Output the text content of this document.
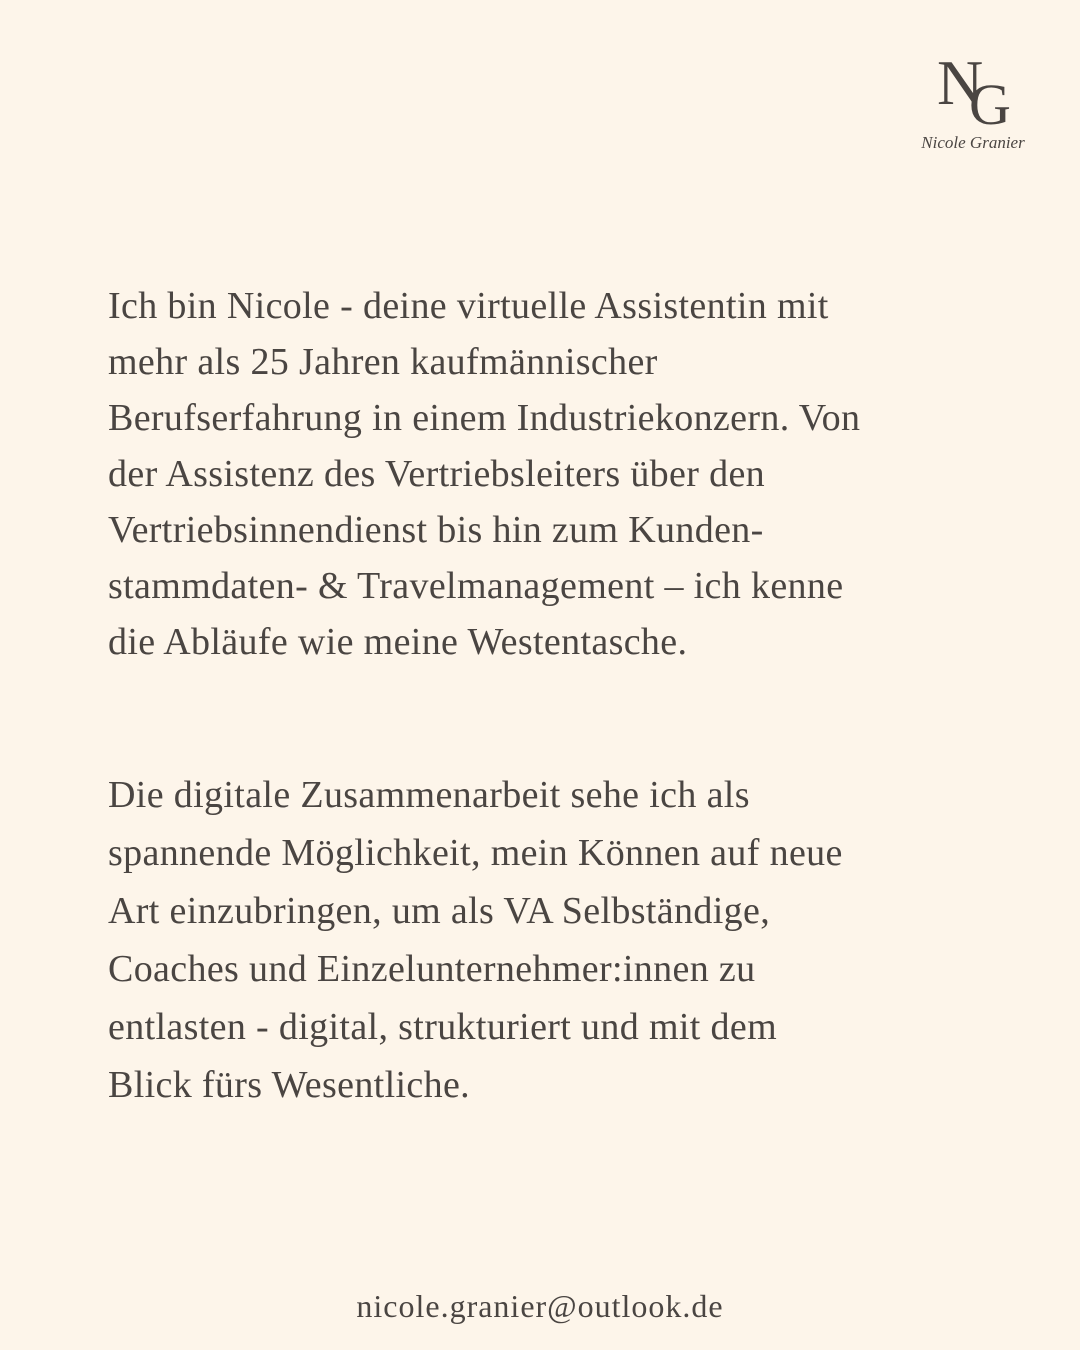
N
G
Nicole Granier

Ich bin Nicole - deine virtuelle Assistentin mit
mehr als 25 Jahren kaufmännischer
Berufserfahrung in einem Industriekonzern. Von
der Assistenz des Vertriebsleiters über den
Vertriebsinnendienst bis hin zum Kunden-
stammdaten- & Travelmanagement – ich kenne
die Abläufe wie meine Westentasche.

Die digitale Zusammenarbeit sehe ich als
spannende Möglichkeit, mein Können auf neue
Art einzubringen, um als VA Selbständige,
Coaches und Einzelunternehmer:innen zu
entlasten - digital, strukturiert und mit dem
Blick fürs Wesentliche.

nicole.granier@outlook.de
